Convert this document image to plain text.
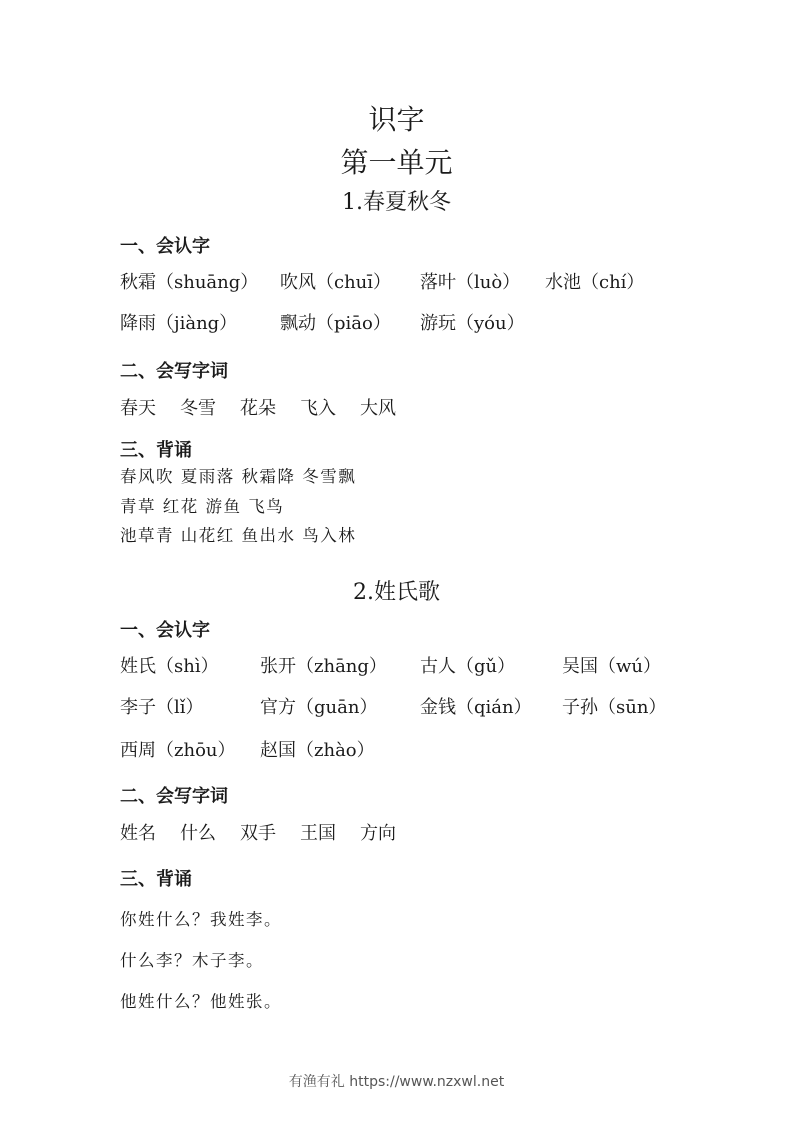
识字
第一单元
1.春夏秋冬
一、会认字
秋霜（shuāng） 吹风（chuī） 落叶（luò） 水池（chí）
降雨（jiàng） 飘动（piāo） 游玩（yóu）
二、会写字词
春天 冬雪 花朵 飞入 大风
三、背诵
春风吹 夏雨落 秋霜降 冬雪飘
青草 红花 游鱼 飞鸟
池草青 山花红 鱼出水 鸟入林
2.姓氏歌
一、会认字
姓氏（shì） 张开（zhāng） 古人（gǔ）	吴国（wú）
李子（lǐ）	官方（guān） 金钱（qián） 子孙（sūn）
西周（zhōu） 赵国（zhào）
二、会写字词
姓名 什么 双手 王国 方向
三、背诵
你姓什么？我姓李。
什么李？木子李。
他姓什么？他姓张。
有渔有礼 https://www.nzxwl.net
